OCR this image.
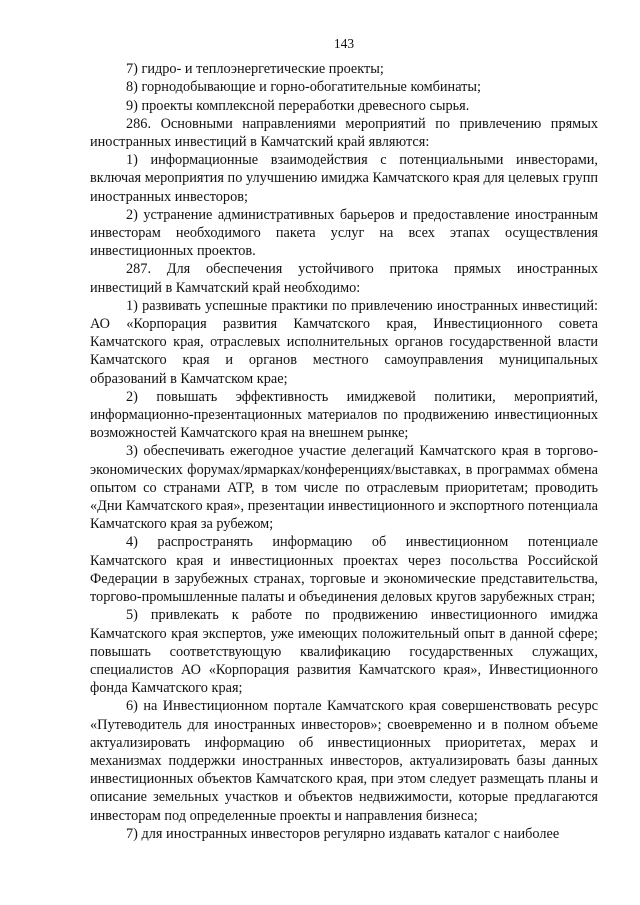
143

7) гидро- и теплоэнергетические проекты;

8) горнодобывающие и горно-обогатительные комбинаты;

9) проекты комплексной переработки древесного сырья.

286. Основными направлениями мероприятий по привлечению прямых иностранных инвестиций в Камчатский край являются:

1) информационные взаимодействия с потенциальными инвесторами, включая мероприятия по улучшению имиджа Камчатского края для целевых групп иностранных инвесторов;

2) устранение административных барьеров и предоставление иностранным инвесторам необходимого пакета услуг на всех этапах осуществления инвестиционных проектов.

287. Для обеспечения устойчивого притока прямых иностранных инвестиций в Камчатский край необходимо:

1) развивать успешные практики по привлечению иностранных инвестиций: АО «Корпорация развития Камчатского края, Инвестиционного совета Камчатского края, отраслевых исполнительных органов государственной власти Камчатского края и органов местного самоуправления муниципальных образований в Камчатском крае;

2) повышать эффективность имиджевой политики, мероприятий, информационно-презентационных материалов по продвижению инвестиционных возможностей Камчатского края на внешнем рынке;

3) обеспечивать ежегодное участие делегаций Камчатского края в торгово-экономических форумах/ярмарках/конференциях/выставках, в программах обмена опытом со странами АТР, в том числе по отраслевым приоритетам; проводить «Дни Камчатского края», презентации инвестиционного и экспортного потенциала Камчатского края за рубежом;

4) распространять информацию об инвестиционном потенциале Камчатского края и инвестиционных проектах через посольства Российской Федерации в зарубежных странах, торговые и экономические представительства, торгово-промышленные палаты и объединения деловых кругов зарубежных стран;

5) привлекать к работе по продвижению инвестиционного имиджа Камчатского края экспертов, уже имеющих положительный опыт в данной сфере; повышать соответствующую квалификацию государственных служащих, специалистов АО «Корпорация развития Камчатского края», Инвестиционного фонда Камчатского края;

6) на Инвестиционном портале Камчатского края совершенствовать ресурс «Путеводитель для иностранных инвесторов»; своевременно и в полном объеме актуализировать информацию об инвестиционных приоритетах, мерах и механизмах поддержки иностранных инвесторов, актуализировать базы данных инвестиционных объектов Камчатского края, при этом следует размещать планы и описание земельных участков и объектов недвижимости, которые предлагаются инвесторам под определенные проекты и направления бизнеса;

7) для иностранных инвесторов регулярно издавать каталог с наиболее
